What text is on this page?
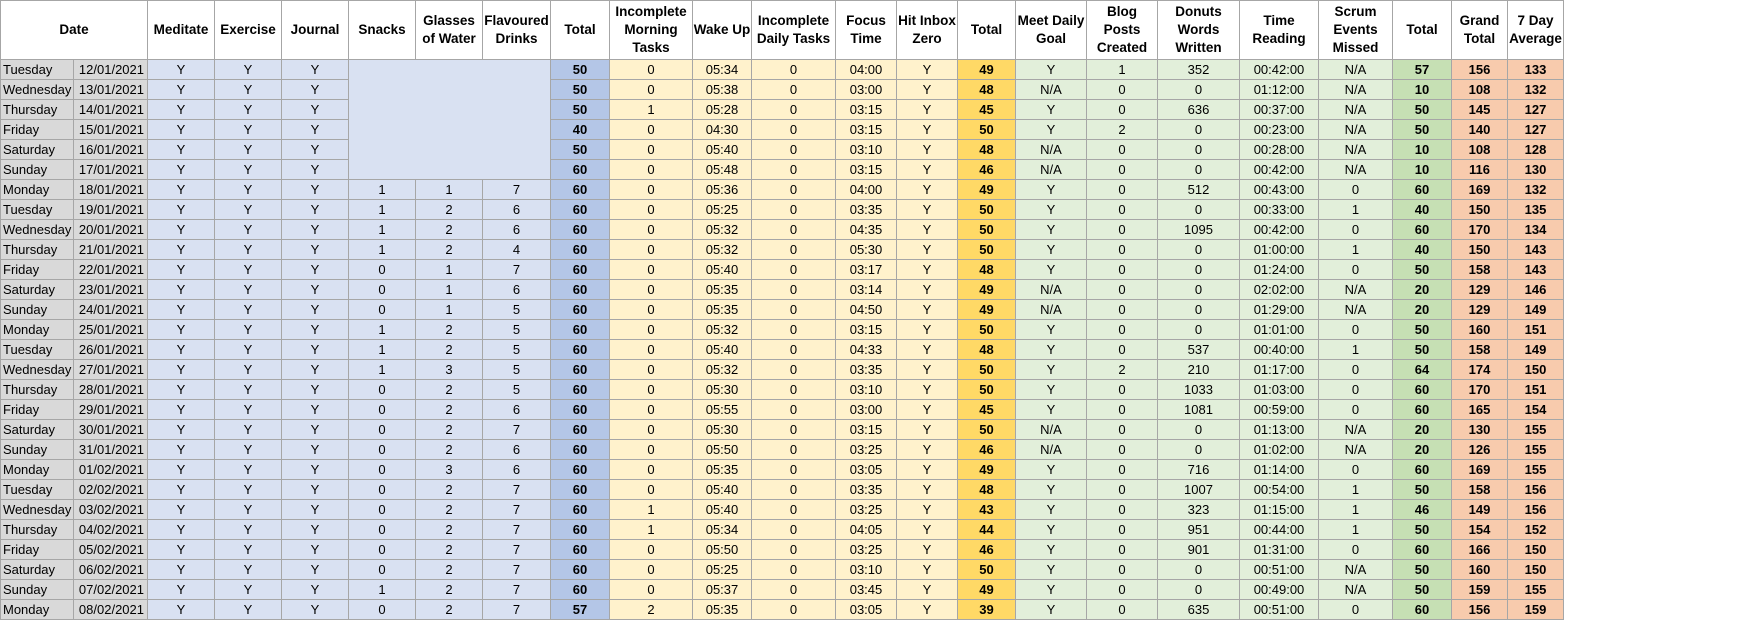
Date		Meditate	Exercise	Journal	Snacks	Glasses of Water	Flavoured Drinks	Total	Incomplete Morning Tasks	Wake Up	Incomplete Daily Tasks	Focus Time	Hit Inbox Zero	Total	Meet Daily Goal	Blog Posts Created	Donuts Words Written	Time Reading	Scrum Events Missed	Total	Grand Total	7 Day Average
Tuesday	12/01/2021	Y	Y	Y				50	0	05:34	0	04:00	Y	49	Y	1	352	00:42:00	N/A	57	156	133
Wednesday	13/01/2021	Y	Y	Y				50	0	05:38	0	03:00	Y	48	N/A	0	0	01:12:00	N/A	10	108	132
Thursday	14/01/2021	Y	Y	Y				50	1	05:28	0	03:15	Y	45	Y	0	636	00:37:00	N/A	50	145	127
Friday	15/01/2021	Y	Y	Y				40	0	04:30	0	03:15	Y	50	Y	2	0	00:23:00	N/A	50	140	127
Saturday	16/01/2021	Y	Y	Y				50	0	05:40	0	03:10	Y	48	N/A	0	0	00:28:00	N/A	10	108	128
Sunday	17/01/2021	Y	Y	Y				60	0	05:48	0	03:15	Y	46	N/A	0	0	00:42:00	N/A	10	116	130
Monday	18/01/2021	Y	Y	Y	1	1	7	60	0	05:36	0	04:00	Y	49	Y	0	512	00:43:00	0	60	169	132
Tuesday	19/01/2021	Y	Y	Y	1	2	6	60	0	05:25	0	03:35	Y	50	Y	0	0	00:33:00	1	40	150	135
Wednesday	20/01/2021	Y	Y	Y	1	2	6	60	0	05:32	0	04:35	Y	50	Y	0	1095	00:42:00	0	60	170	134
Thursday	21/01/2021	Y	Y	Y	1	2	4	60	0	05:32	0	05:30	Y	50	Y	0	0	01:00:00	1	40	150	143
Friday	22/01/2021	Y	Y	Y	0	1	7	60	0	05:40	0	03:17	Y	48	Y	0	0	01:24:00	0	50	158	143
Saturday	23/01/2021	Y	Y	Y	0	1	6	60	0	05:35	0	03:14	Y	49	N/A	0	0	02:02:00	N/A	20	129	146
Sunday	24/01/2021	Y	Y	Y	0	1	5	60	0	05:35	0	04:50	Y	49	N/A	0	0	01:29:00	N/A	20	129	149
Monday	25/01/2021	Y	Y	Y	1	2	5	60	0	05:32	0	03:15	Y	50	Y	0	0	01:01:00	0	50	160	151
Tuesday	26/01/2021	Y	Y	Y	1	2	5	60	0	05:40	0	04:33	Y	48	Y	0	537	00:40:00	1	50	158	149
Wednesday	27/01/2021	Y	Y	Y	1	3	5	60	0	05:32	0	03:35	Y	50	Y	2	210	01:17:00	0	64	174	150
Thursday	28/01/2021	Y	Y	Y	0	2	5	60	0	05:30	0	03:10	Y	50	Y	0	1033	01:03:00	0	60	170	151
Friday	29/01/2021	Y	Y	Y	0	2	6	60	0	05:55	0	03:00	Y	45	Y	0	1081	00:59:00	0	60	165	154
Saturday	30/01/2021	Y	Y	Y	0	2	7	60	0	05:30	0	03:15	Y	50	N/A	0	0	01:13:00	N/A	20	130	155
Sunday	31/01/2021	Y	Y	Y	0	2	6	60	0	05:50	0	03:25	Y	46	N/A	0	0	01:02:00	N/A	20	126	155
Monday	01/02/2021	Y	Y	Y	0	3	6	60	0	05:35	0	03:05	Y	49	Y	0	716	01:14:00	0	60	169	155
Tuesday	02/02/2021	Y	Y	Y	0	2	7	60	0	05:40	0	03:35	Y	48	Y	0	1007	00:54:00	1	50	158	156
Wednesday	03/02/2021	Y	Y	Y	0	2	7	60	1	05:40	0	03:25	Y	43	Y	0	323	01:15:00	1	46	149	156
Thursday	04/02/2021	Y	Y	Y	0	2	7	60	1	05:34	0	04:05	Y	44	Y	0	951	00:44:00	1	50	154	152
Friday	05/02/2021	Y	Y	Y	0	2	7	60	0	05:50	0	03:25	Y	46	Y	0	901	01:31:00	0	60	166	150
Saturday	06/02/2021	Y	Y	Y	0	2	7	60	0	05:25	0	03:10	Y	50	Y	0	0	00:51:00	N/A	50	160	150
Sunday	07/02/2021	Y	Y	Y	1	2	7	60	0	05:37	0	03:45	Y	49	Y	0	0	00:49:00	N/A	50	159	155
Monday	08/02/2021	Y	Y	Y	0	2	7	57	2	05:35	0	03:05	Y	39	Y	0	635	00:51:00	0	60	156	159
